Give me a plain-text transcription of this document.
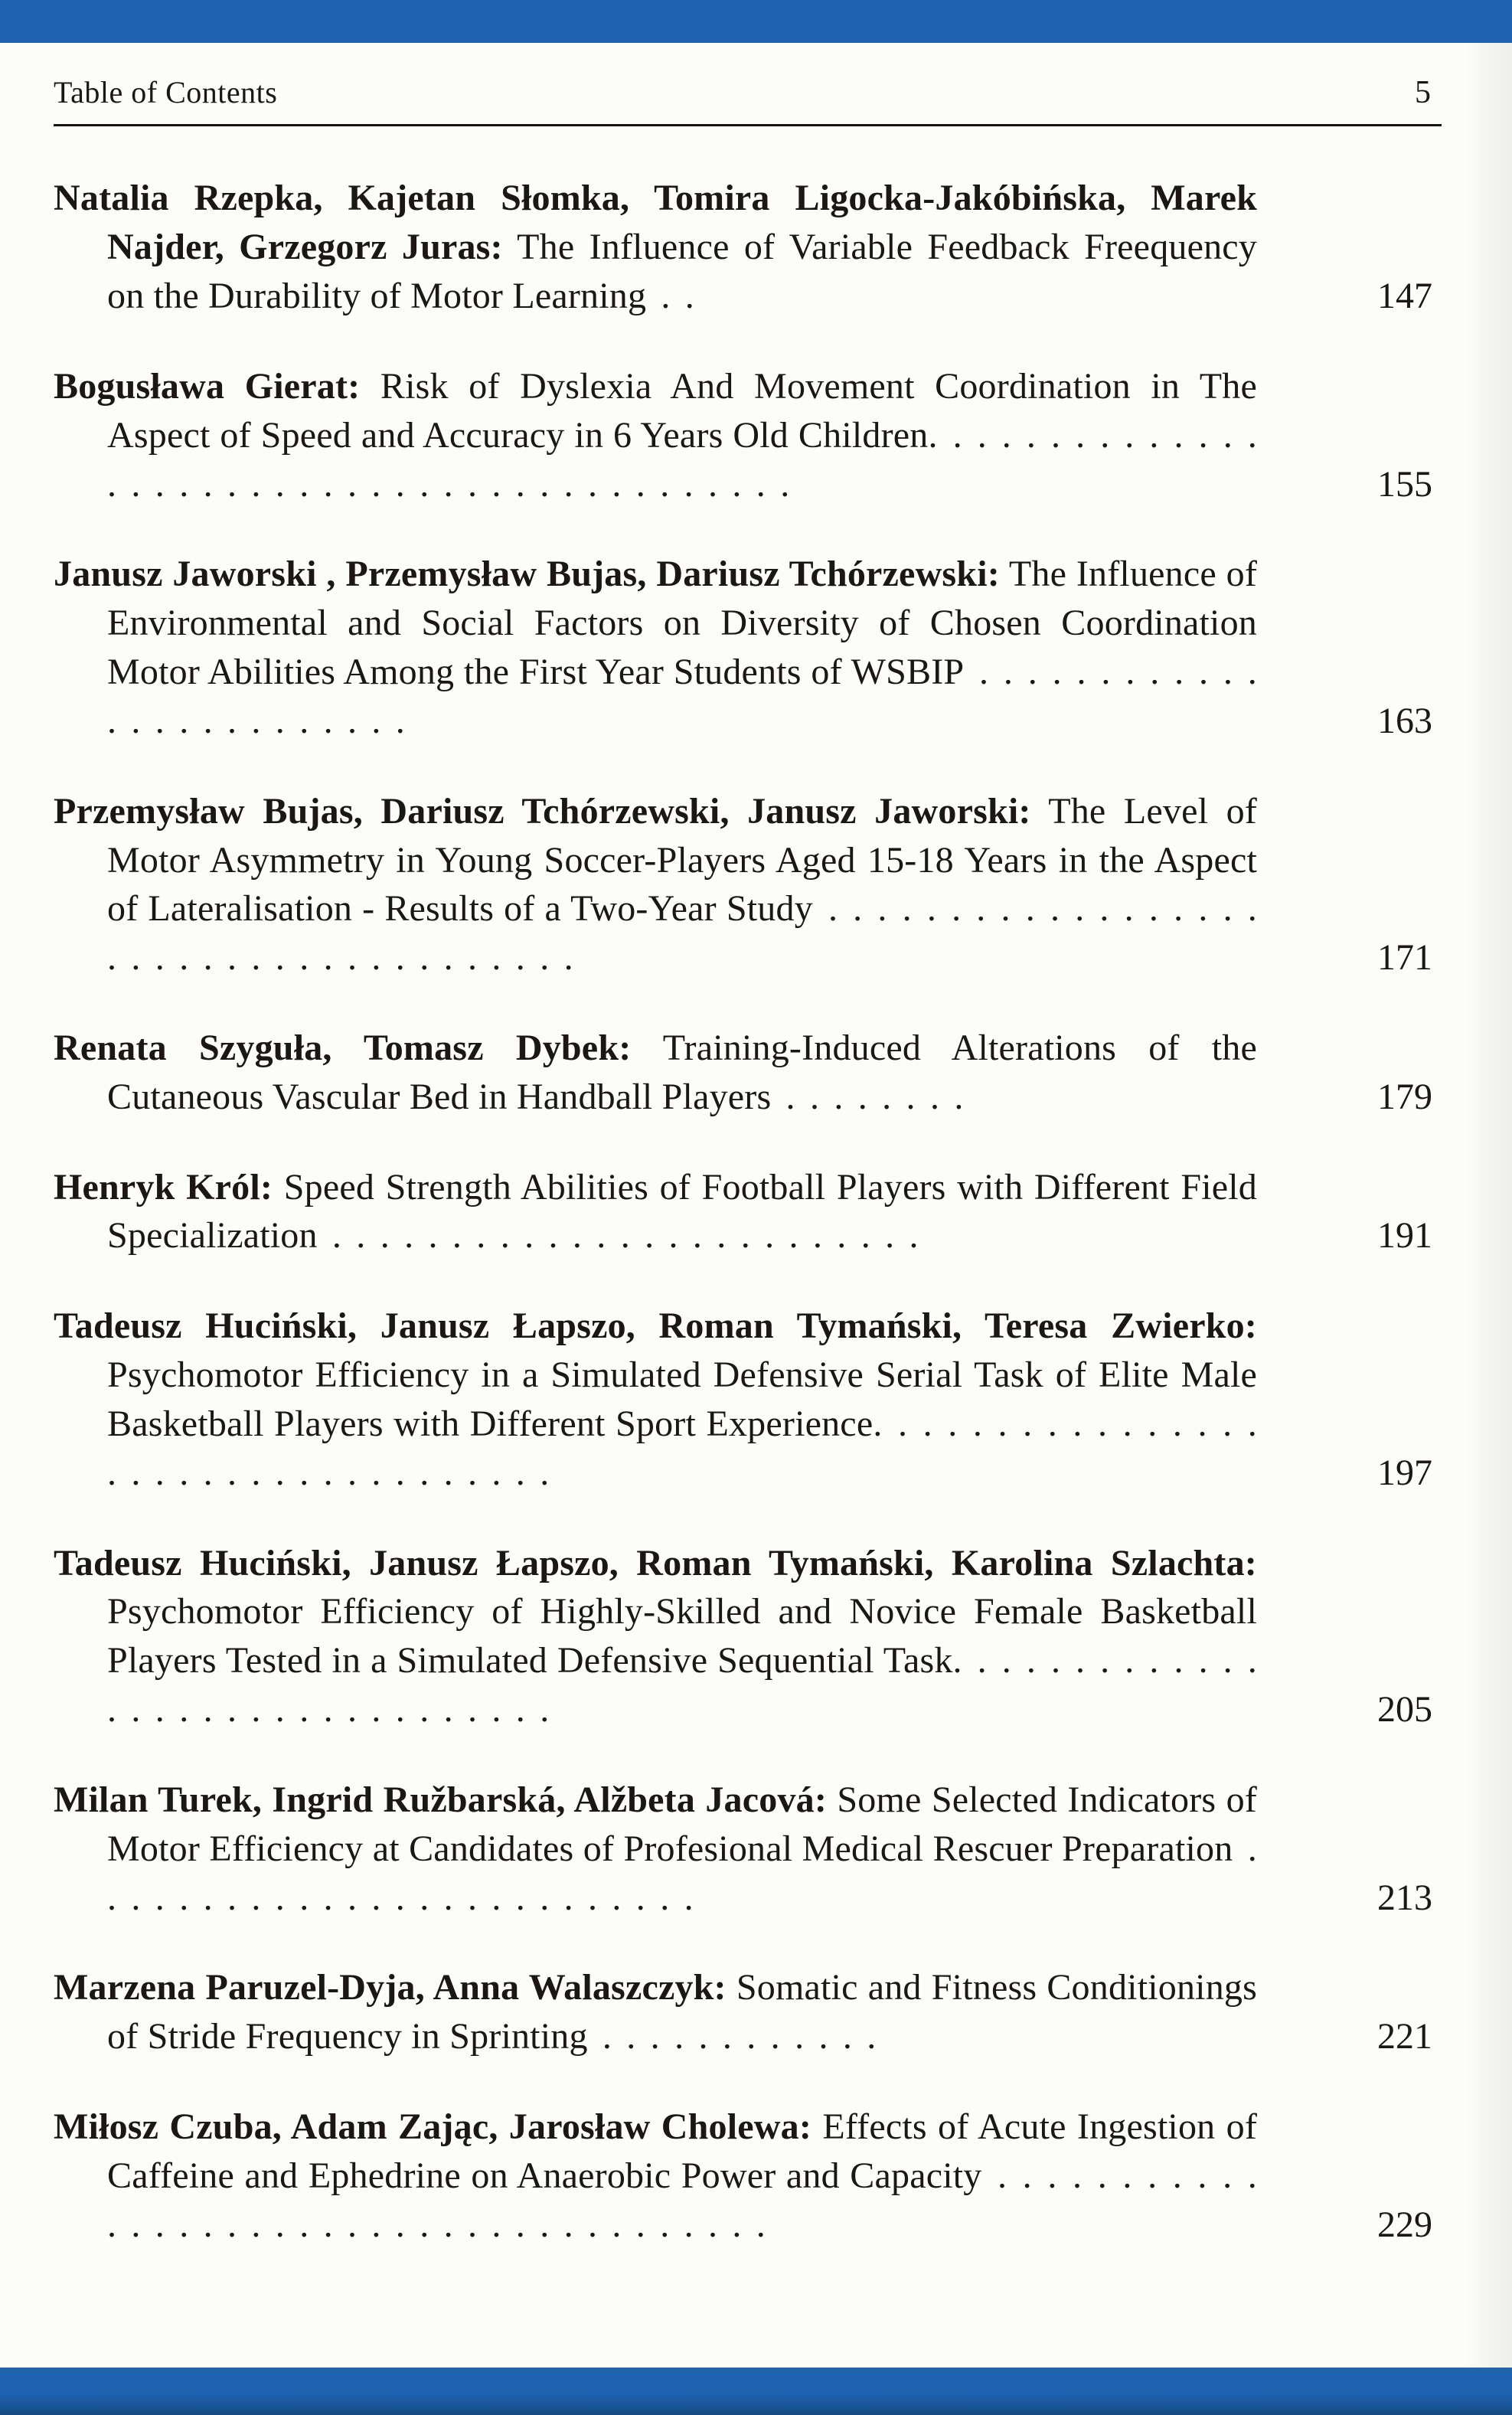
Table of Contents	5

Natalia Rzepka, Kajetan Słomka, Tomira Ligocka-Jakóbińska, Marek Najder, Grzegorz Juras: The Influence of Variable Feedback Freequency on the Durability of Motor Learning . .	147

Bogusława Gierat: Risk of Dyslexia And Movement Coordination in The Aspect of Speed and Accuracy in 6 Years Old Children. . . . . . . . . . . . . . . . . . . . . . . . . . . . . . . . . . . . . . . . . . .	155

Janusz Jaworski , Przemysław Bujas, Dariusz Tchórzewski: The Influence of Environmental and Social Factors on Diversity of Chosen Coordination Motor Abilities Among the First Year Students of WSBIP . . . . . . . . . . . . . . . . . . . . . . . . .	163

Przemysław Bujas, Dariusz Tchórzewski, Janusz Jaworski: The Level of Motor Asymmetry in Young Soccer-Players Aged 15-18 Years in the Aspect of Lateralisation - Results of a Two-Year Study . . . . . . . . . . . . . . . . . . . . . . . . . . . . . . . . . . . . . .	171

Renata Szyguła, Tomasz Dybek: Training-Induced Alterations of the Cutaneous Vascular Bed in Handball Players . . . . . . . .	179

Henryk Król: Speed Strength Abilities of Football Players with Different Field Specialization . . . . . . . . . . . . . . . . . . . . . . . . .	191

Tadeusz Huciński, Janusz Łapszo, Roman Tymański, Teresa Zwierko: Psychomotor Efficiency in a Simulated Defensive Serial Task of Elite Male Basketball Players with Different Sport Experience. . . . . . . . . . . . . . . . . . . . . . . . . . . . . . . . . . .	197

Tadeusz Huciński, Janusz Łapszo, Roman Tymański, Karolina Szlachta: Psychomotor Efficiency of Highly-Skilled and Novice Female Basketball Players Tested in a Simulated Defensive Sequential Task. . . . . . . . . . . . . . . . . . . . . . . . . . . . . . . .	205

Milan Turek, Ingrid Ružbarská, Alžbeta Jacová: Some Selected Indicators of Motor Efficiency at Candidates of Profesional Medical Rescuer Preparation . . . . . . . . . . . . . . . . . . . . . . . . . .	213

Marzena Paruzel-Dyja, Anna Walaszczyk: Somatic and Fitness Conditionings of Stride Frequency in Sprinting . . . . . . . . . . . .	221

Miłosz Czuba, Adam Zając, Jarosław Cholewa: Effects of Acute Ingestion of Caffeine and Ephedrine on Anaerobic Power and Capacity . . . . . . . . . . . . . . . . . . . . . . . . . . . . . . . . . . . . . . .	229
